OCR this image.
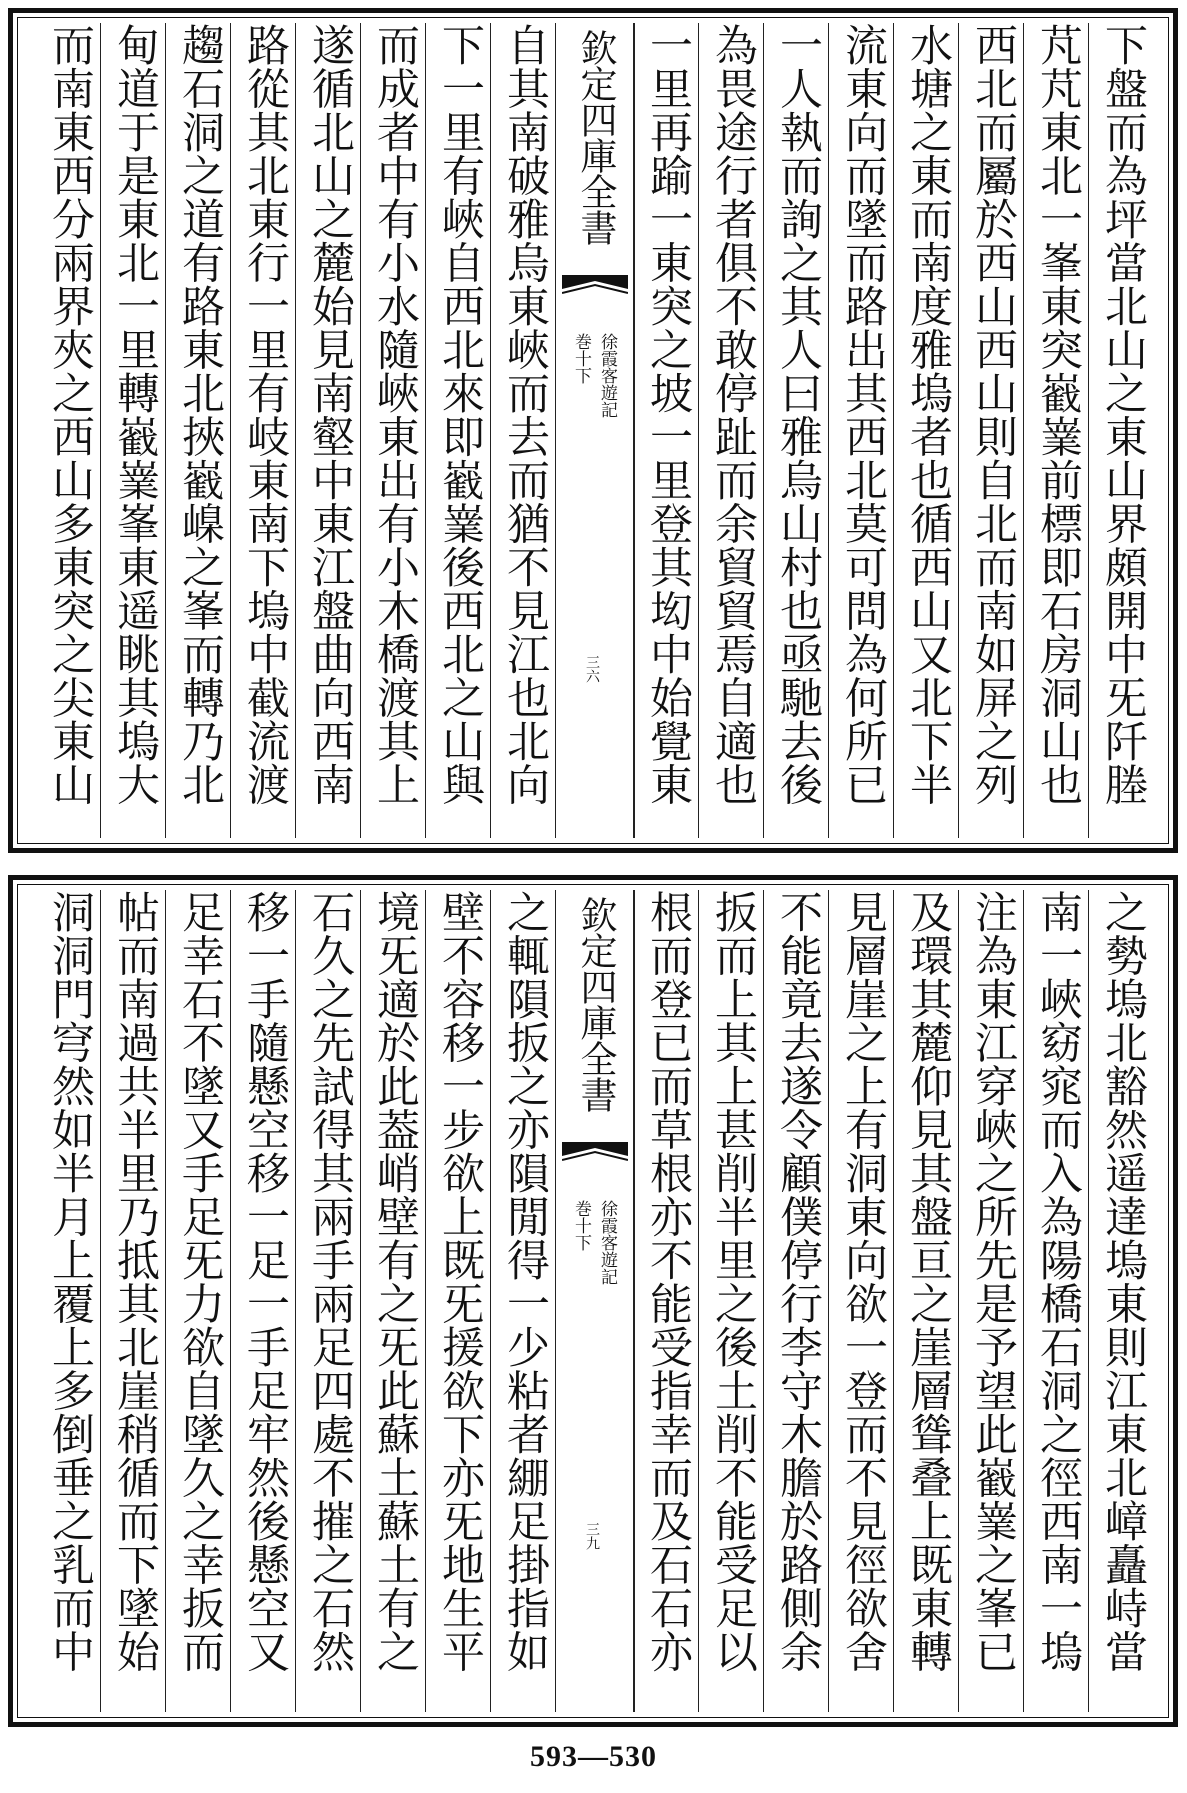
下盤而為坪當北山之東山界頗開中旡阡塍
芃芃東北一峯東突巀嶪前標即石房洞山也
西北而屬於西山西山則自北而南如屏之列
水塘之東而南度雅塢者也循西山又北下半
流東向而墜而路出其西北莫可問為何所已
一人執而詢之其人曰雅烏山村也亟馳去後
為畏途行者俱不敢停趾而余貿貿焉自適也
一里再踰一東突之坡一里登其㘭中始覺東
欽定四庫全書
徐霞客遊記
巻十下
三六
自其南破雅烏東峽而去而猶不見江也北向
下一里有峽自西北來即巀嶪後西北之山與
而成者中有小水隨峽東出有小木橋渡其上
遂循北山之麓始見南壑中東江盤曲向西南
路從其北東行一里有岐東南下塢中截流渡
趨石洞之道有路東北挾巀嵲之峯而轉乃北
甸道于是東北一里轉巀嶪峯東遥眺其塢大
而南東西分兩界夾之西山多東突之尖東山
之勢塢北豁然遥達塢東則江東北嶂矗峙當
南一峽窈窕而入為陽橋石洞之徑西南一塢
注為東江穿峽之所先是予望此巀嶪之峯已
及環其麓仰見其盤亘之崖層聳叠上既東轉
見層崖之上有洞東向欲一登而不見徑欲舍
不能竟去遂令顧僕停行李守木膽於路側余
扳而上其上甚削半里之後土削不能受足以
根而登已而草根亦不能受指幸而及石石亦
欽定四庫全書
徐霞客遊記
巻十下
三九
之輒隕扳之亦隕閒得一少粘者綳足掛指如
壁不容移一步欲上既旡援欲下亦旡地生平
境旡適於此葢峭壁有之旡此蘇土蘇土有之
石久之先試得其兩手兩足四處不摧之石然
移一手隨懸空移一足一手足牢然後懸空又
足幸石不墜又手足旡力欲自墜久之幸扳而
帖而南過共半里乃抵其北崖稍循而下墜始
洞洞門穹然如半月上覆上多倒垂之乳而中
593—530
